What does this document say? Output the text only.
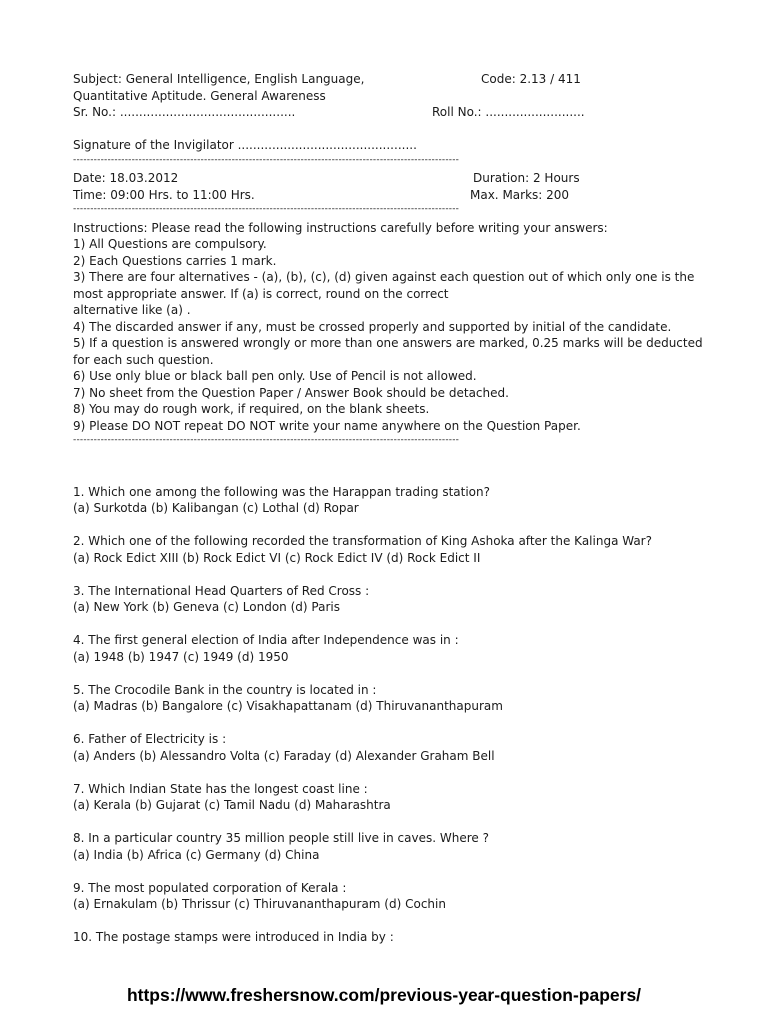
Subject: General Intelligence, English Language,	Code: 2.13 / 411
Quantitative Aptitude. General Awareness
Sr. No.: ..............................................	Roll No.: ..........................
Signature of the Invigilator ...............................................
----------------------------------------------------------------------------------------------------------------
Date: 18.03.2012	Duration: 2 Hours
Time: 09:00 Hrs. to 11:00 Hrs.	Max. Marks: 200
----------------------------------------------------------------------------------------------------------------
Instructions: Please read the following instructions carefully before writing your answers:
1) All Questions are compulsory.
2) Each Questions carries 1 mark.
3) There are four alternatives - (a), (b), (c), (d) given against each question out of which only one is the
most appropriate answer. If (a) is correct, round on the correct
alternative like (a) .
4) The discarded answer if any, must be crossed properly and supported by initial of the candidate.
5) If a question is answered wrongly or more than one answers are marked, 0.25 marks will be deducted
for each such question.
6) Use only blue or black ball pen only. Use of Pencil is not allowed.
7) No sheet from the Question Paper / Answer Book should be detached.
8) You may do rough work, if required, on the blank sheets.
9) Please DO NOT repeat DO NOT write your name anywhere on the Question Paper.
----------------------------------------------------------------------------------------------------------------
1. Which one among the following was the Harappan trading station?
(a) Surkotda (b) Kalibangan (c) Lothal (d) Ropar
2. Which one of the following recorded the transformation of King Ashoka after the Kalinga War?
(a) Rock Edict XIII (b) Rock Edict VI (c) Rock Edict IV (d) Rock Edict II
3. The International Head Quarters of Red Cross :
(a) New York (b) Geneva (c) London (d) Paris
4. The first general election of India after Independence was in :
(a) 1948 (b) 1947 (c) 1949 (d) 1950
5. The Crocodile Bank in the country is located in :
(a) Madras (b) Bangalore (c) Visakhapattanam (d) Thiruvananthapuram
6. Father of Electricity is :
(a) Anders (b) Alessandro Volta (c) Faraday (d) Alexander Graham Bell
7. Which Indian State has the longest coast line :
(a) Kerala (b) Gujarat (c) Tamil Nadu (d) Maharashtra
8. In a particular country 35 million people still live in caves. Where ?
(a) India (b) Africa (c) Germany (d) China
9. The most populated corporation of Kerala :
(a) Ernakulam (b) Thrissur (c) Thiruvananthapuram (d) Cochin
10. The postage stamps were introduced in India by :
https://www.freshersnow.com/previous-year-question-papers/
